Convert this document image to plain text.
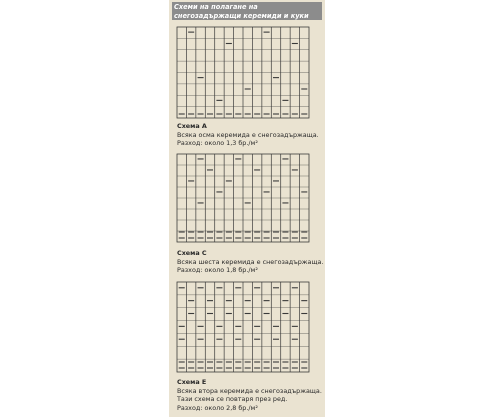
Схеми на полагане на
снегозадържащи керемиди и куки
Схема А
Всяка осма керемида е снегозадържаща.
Разход: около 1,3 бр./м²
Схема С
Всяка шеста керемида е снегозадържаща.
Разход: около 1,8 бр./м²
Схема Е
Всяка втора керемида е снегозадържаща.
Тази схема се повтаря през ред.
Разход: около 2,8 бр./м²
